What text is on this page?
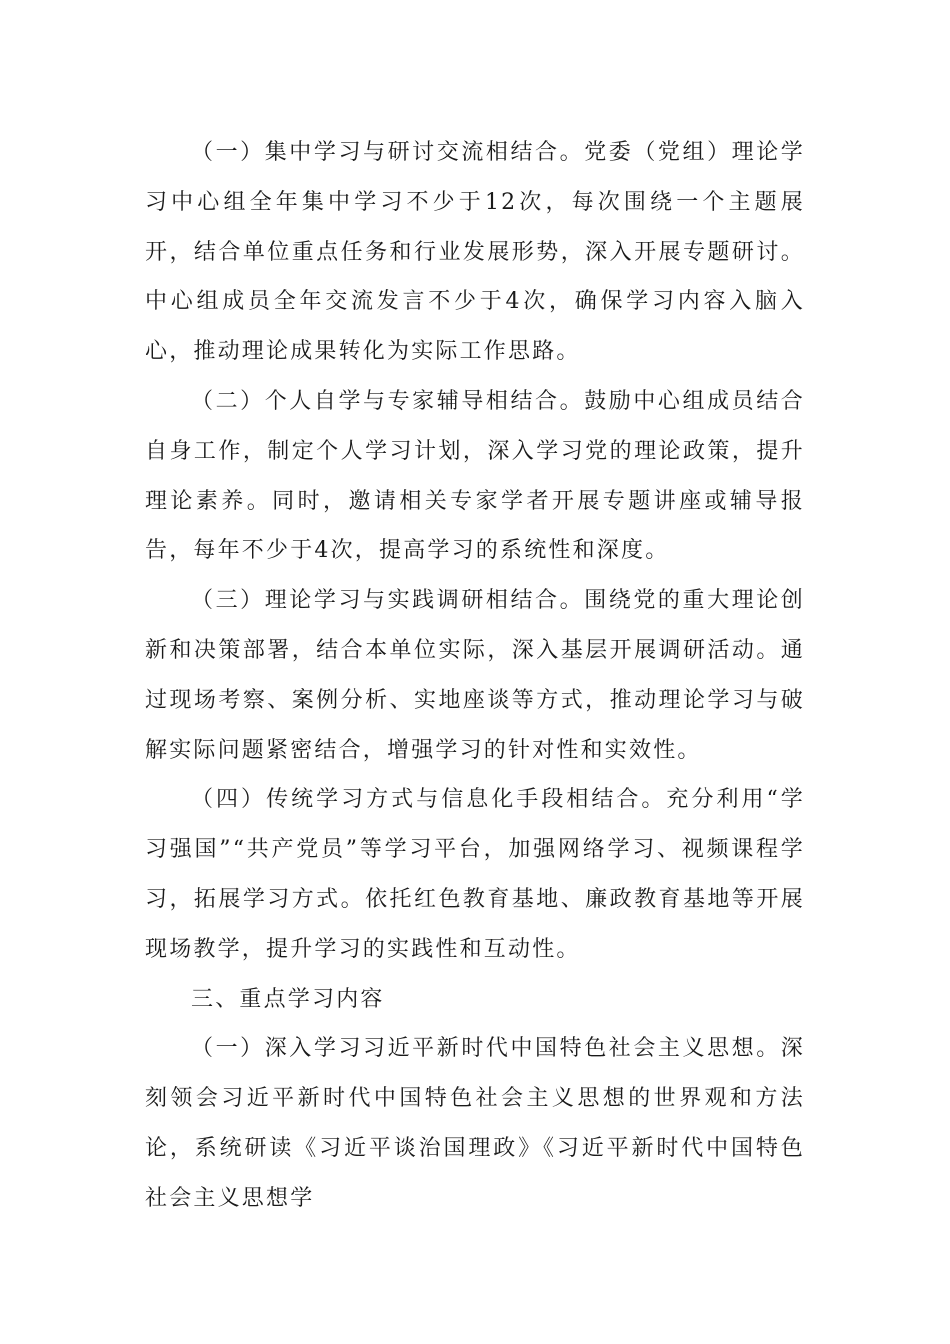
（一）集中学习与研讨交流相结合。党委（党组）理论学习中心组全年集中学习不少于12次，每次围绕一个主题展开，结合单位重点任务和行业发展形势，深入开展专题研讨。中心组成员全年交流发言不少于4次，确保学习内容入脑入心，推动理论成果转化为实际工作思路。

（二）个人自学与专家辅导相结合。鼓励中心组成员结合自身工作，制定个人学习计划，深入学习党的理论政策，提升理论素养。同时，邀请相关专家学者开展专题讲座或辅导报告，每年不少于4次，提高学习的系统性和深度。

（三）理论学习与实践调研相结合。围绕党的重大理论创新和决策部署，结合本单位实际，深入基层开展调研活动。通过现场考察、案例分析、实地座谈等方式，推动理论学习与破解实际问题紧密结合，增强学习的针对性和实效性。

（四）传统学习方式与信息化手段相结合。充分利用“学习强国”“共产党员”等学习平台，加强网络学习、视频课程学习，拓展学习方式。依托红色教育基地、廉政教育基地等开展现场教学，提升学习的实践性和互动性。

三、重点学习内容

（一）深入学习习近平新时代中国特色社会主义思想。深刻领会习近平新时代中国特色社会主义思想的世界观和方法论，系统研读《习近平谈治国理政》《习近平新时代中国特色社会主义思想学
